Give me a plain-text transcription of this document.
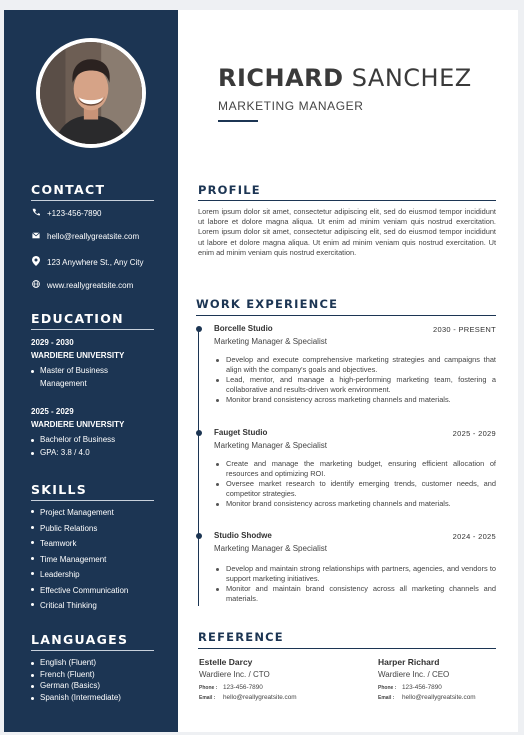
CONTACT
+123-456-7890
hello@reallygreatsite.com
123 Anywhere St., Any City
www.reallygreatsite.com
EDUCATION
2029 - 2030
WARDIERE UNIVERSITY
Master of Business
Management
2025 - 2029
WARDIERE UNIVERSITY
Bachelor of Business
GPA: 3.8 / 4.0
SKILLS
Project Management
Public Relations
Teamwork
Time Management
Leadership
Effective Communication
Critical Thinking
LANGUAGES
English (Fluent)
French (Fluent)
German (Basics)
Spanish (Intermediate)
RICHARD SANCHEZ
MARKETING MANAGER
PROFILE
Lorem ipsum dolor sit amet, consectetur adipiscing elit, sed do eiusmod tempor incididunt ut labore et dolore magna aliqua. Ut enim ad minim veniam quis nostrud exercitation. Lorem ipsum dolor sit amet, consectetur adipiscing elit, sed do eiusmod tempor incididunt ut labore et dolore magna aliqua. Ut enim ad minim veniam quis nostrud exercitation. Ut enim ad minim veniam quis nostrud exercitation.
WORK EXPERIENCE
Borcelle Studio	2030 - PRESENT
Marketing Manager & Specialist
Develop and execute comprehensive marketing strategies and campaigns that align with the company's goals and objectives.
Lead, mentor, and manage a high-performing marketing team, fostering a collaborative and results-driven work environment.
Monitor brand consistency across marketing channels and materials.
Fauget Studio	2025 - 2029
Marketing Manager & Specialist
Create and manage the marketing budget, ensuring efficient allocation of resources and optimizing ROI.
Oversee market research to identify emerging trends, customer needs, and competitor strategies.
Monitor brand consistency across marketing channels and materials.
Studio Shodwe	2024 - 2025
Marketing Manager & Specialist
Develop and maintain strong relationships with partners, agencies, and vendors to support marketing initiatives.
Monitor and maintain brand consistency across all marketing channels and materials.
REFERENCE
Estelle Darcy
Wardiere Inc. / CTO
Phone : 123-456-7890
Email : hello@reallygreatsite.com
Harper Richard
Wardiere Inc. / CEO
Phone : 123-456-7890
Email : hello@reallygreatsite.com
